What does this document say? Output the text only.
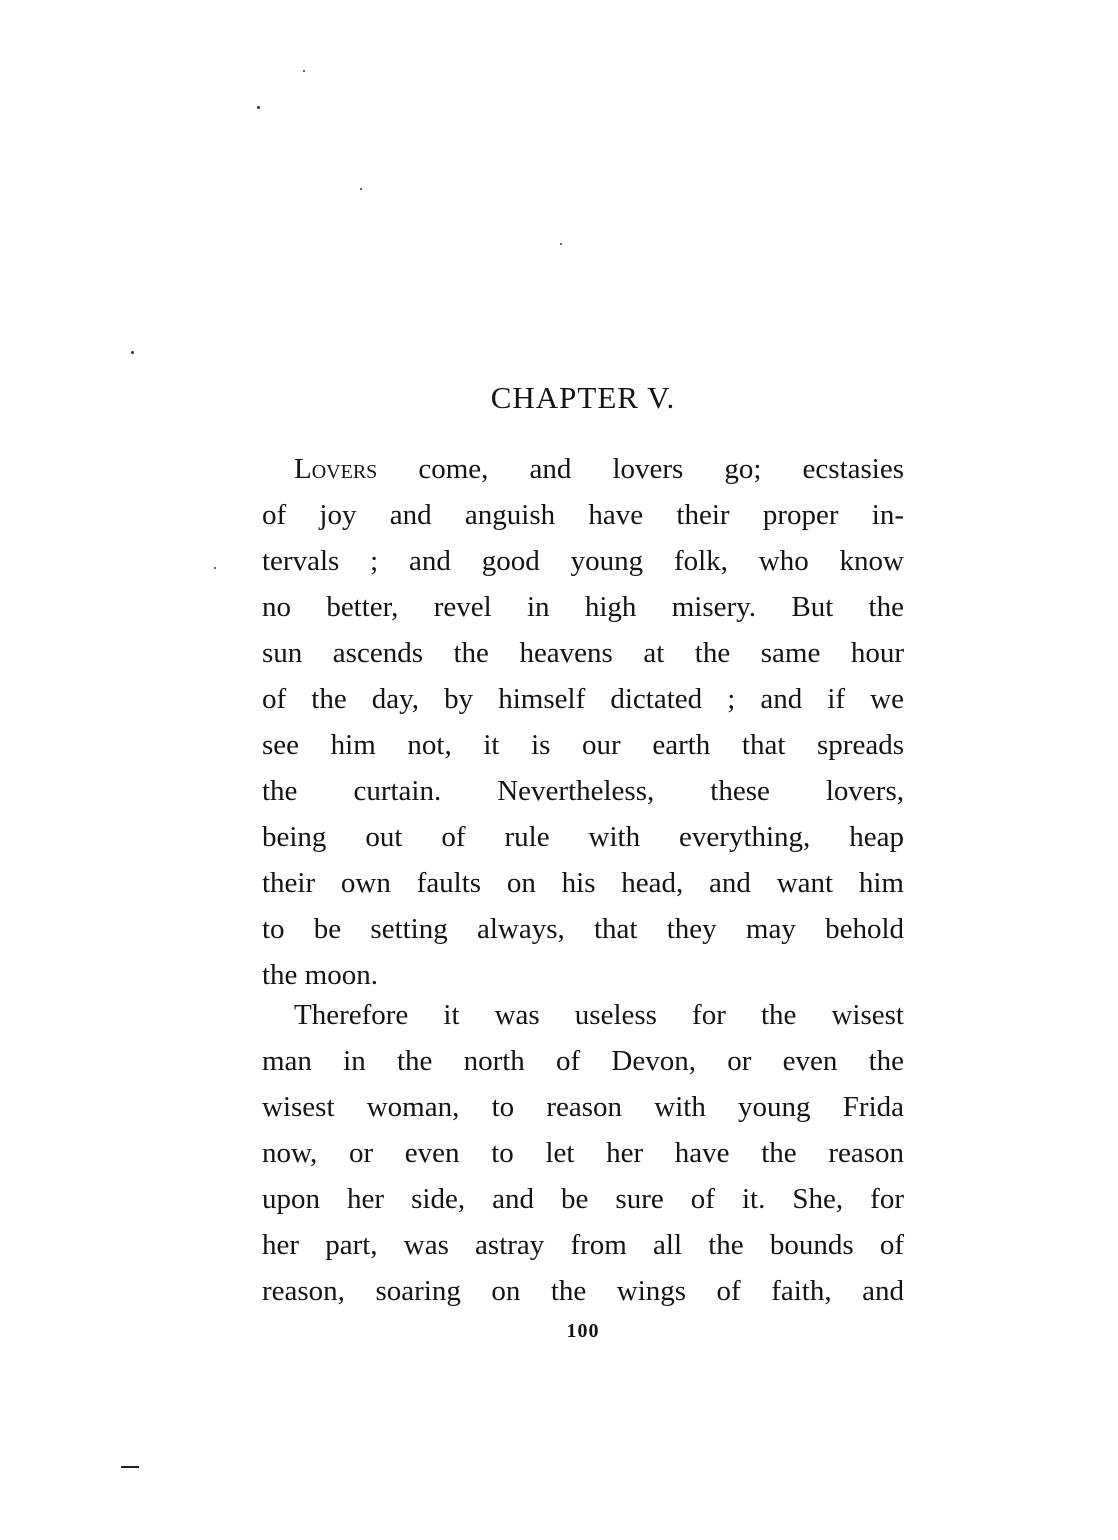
CHAPTER V.
Lovers come, and lovers go; ecstasies
of joy and anguish have their proper in-
tervals ; and good young folk, who know
no better, revel in high misery. But the
sun ascends the heavens at the same hour
of the day, by himself dictated ; and if we
see him not, it is our earth that spreads
the curtain. Nevertheless, these lovers,
being out of rule with everything, heap
their own faults on his head, and want him
to be setting always, that they may behold
the moon.
Therefore it was useless for the wisest
man in the north of Devon, or even the
wisest woman, to reason with young Frida
now, or even to let her have the reason
upon her side, and be sure of it. She, for
her part, was astray from all the bounds of
reason, soaring on the wings of faith, and
100
